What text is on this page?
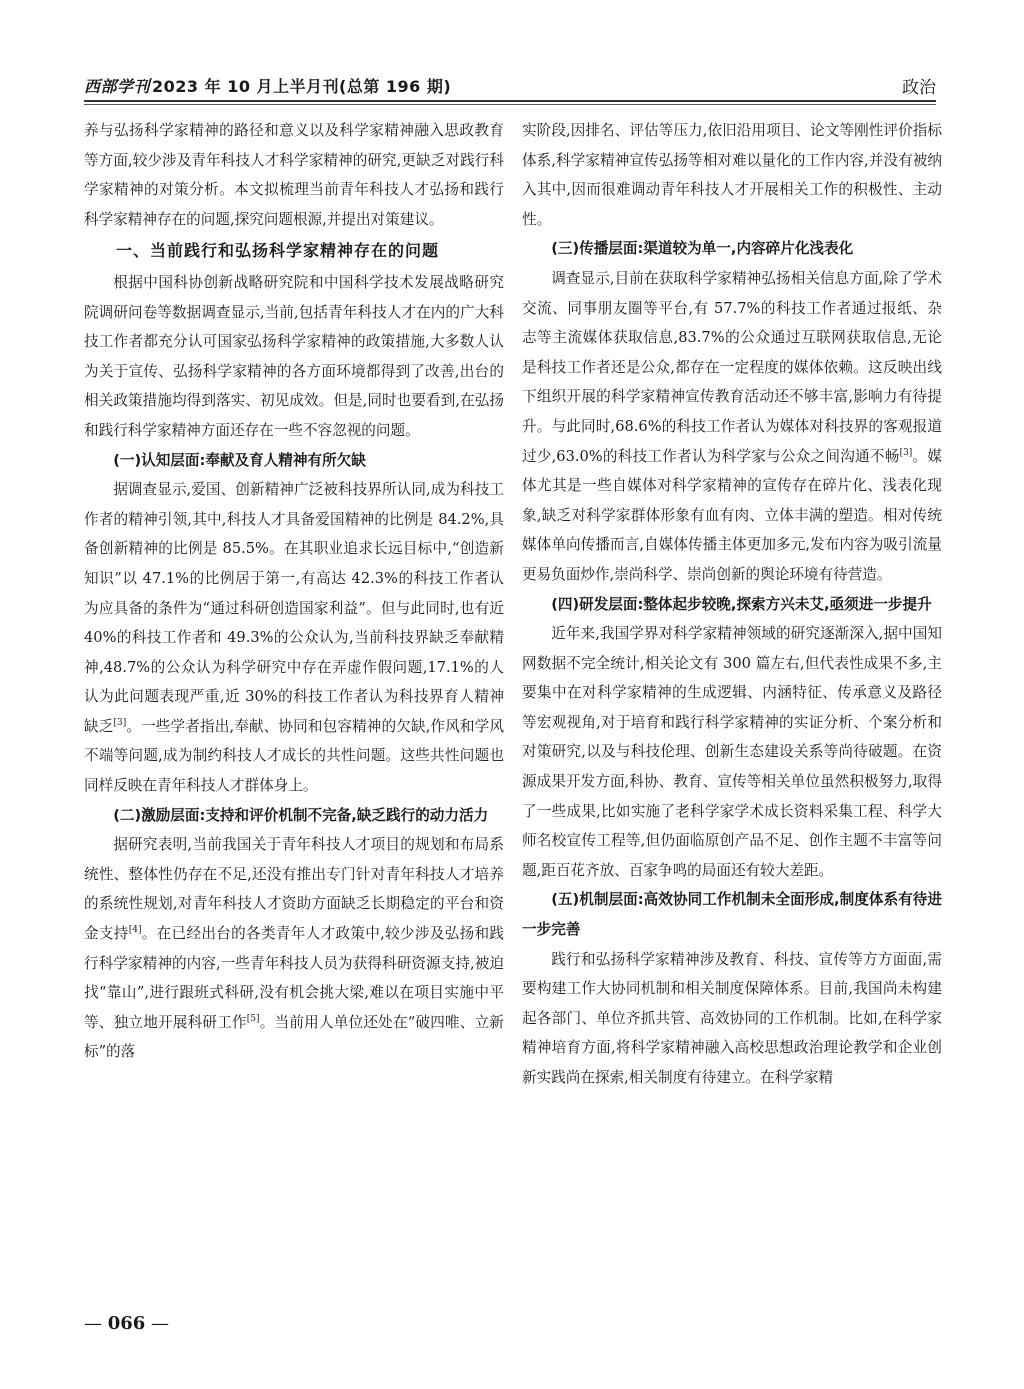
西部学刊 2023 年 10 月上半月刊(总第 196 期)	政治

养与弘扬科学家精神的路径和意义以及科学家精神融入思政教育等方面,较少涉及青年科技人才科学家精神的研究,更缺乏对践行科学家精神的对策分析。本文拟梳理当前青年科技人才弘扬和践行科学家精神存在的问题,探究问题根源,并提出对策建议。

一、当前践行和弘扬科学家精神存在的问题

根据中国科协创新战略研究院和中国科学技术发展战略研究院调研问卷等数据调查显示,当前,包括青年科技人才在内的广大科技工作者都充分认可国家弘扬科学家精神的政策措施,大多数人认为关于宣传、弘扬科学家精神的各方面环境都得到了改善,出台的相关政策措施均得到落实、初见成效。但是,同时也要看到,在弘扬和践行科学家精神方面还存在一些不容忽视的问题。

(一)认知层面:奉献及育人精神有所欠缺

据调查显示,爱国、创新精神广泛被科技界所认同,成为科技工作者的精神引领,其中,科技人才具备爱国精神的比例是 84.2%,具备创新精神的比例是 85.5%。在其职业追求长远目标中,“创造新知识”以 47.1%的比例居于第一,有高达 42.3%的科技工作者认为应具备的条件为“通过科研创造国家利益”。但与此同时,也有近 40%的科技工作者和 49.3%的公众认为,当前科技界缺乏奉献精神,48.7%的公众认为科学研究中存在弄虚作假问题,17.1%的人认为此问题表现严重,近 30%的科技工作者认为科技界育人精神缺乏[3]。一些学者指出,奉献、协同和包容精神的欠缺,作风和学风不端等问题,成为制约科技人才成长的共性问题。这些共性问题也同样反映在青年科技人才群体身上。

(二)激励层面:支持和评价机制不完备,缺乏践行的动力活力

据研究表明,当前我国关于青年科技人才项目的规划和布局系统性、整体性仍存在不足,还没有推出专门针对青年科技人才培养的系统性规划,对青年科技人才资助方面缺乏长期稳定的平台和资金支持[4]。在已经出台的各类青年人才政策中,较少涉及弘扬和践行科学家精神的内容,一些青年科技人员为获得科研资源支持,被迫找“靠山”,进行跟班式科研,没有机会挑大梁,难以在项目实施中平等、独立地开展科研工作[5]。当前用人单位还处在“破四唯、立新标”的落

实阶段,因排名、评估等压力,依旧沿用项目、论文等刚性评价指标体系,科学家精神宣传弘扬等相对难以量化的工作内容,并没有被纳入其中,因而很难调动青年科技人才开展相关工作的积极性、主动性。

(三)传播层面:渠道较为单一,内容碎片化浅表化

调查显示,目前在获取科学家精神弘扬相关信息方面,除了学术交流、同事朋友圈等平台,有 57.7%的科技工作者通过报纸、杂志等主流媒体获取信息,83.7%的公众通过互联网获取信息,无论是科技工作者还是公众,都存在一定程度的媒体依赖。这反映出线下组织开展的科学家精神宣传教育活动还不够丰富,影响力有待提升。与此同时,68.6%的科技工作者认为媒体对科技界的客观报道过少,63.0%的科技工作者认为科学家与公众之间沟通不畅[3]。媒体尤其是一些自媒体对科学家精神的宣传存在碎片化、浅表化现象,缺乏对科学家群体形象有血有肉、立体丰满的塑造。相对传统媒体单向传播而言,自媒体传播主体更加多元,发布内容为吸引流量更易负面炒作,崇尚科学、崇尚创新的舆论环境有待营造。

(四)研发层面:整体起步较晚,探索方兴未艾,亟须进一步提升

近年来,我国学界对科学家精神领域的研究逐渐深入,据中国知网数据不完全统计,相关论文有 300 篇左右,但代表性成果不多,主要集中在对科学家精神的生成逻辑、内涵特征、传承意义及路径等宏观视角,对于培育和践行科学家精神的实证分析、个案分析和对策研究,以及与科技伦理、创新生态建设关系等尚待破题。在资源成果开发方面,科协、教育、宣传等相关单位虽然积极努力,取得了一些成果,比如实施了老科学家学术成长资料采集工程、科学大师名校宣传工程等,但仍面临原创产品不足、创作主题不丰富等问题,距百花齐放、百家争鸣的局面还有较大差距。

(五)机制层面:高效协同工作机制未全面形成,制度体系有待进一步完善

践行和弘扬科学家精神涉及教育、科技、宣传等方方面面,需要构建工作大协同机制和相关制度保障体系。目前,我国尚未构建起各部门、单位齐抓共管、高效协同的工作机制。比如,在科学家精神培育方面,将科学家精神融入高校思想政治理论教学和企业创新实践尚在探索,相关制度有待建立。在科学家精

— 066 —
